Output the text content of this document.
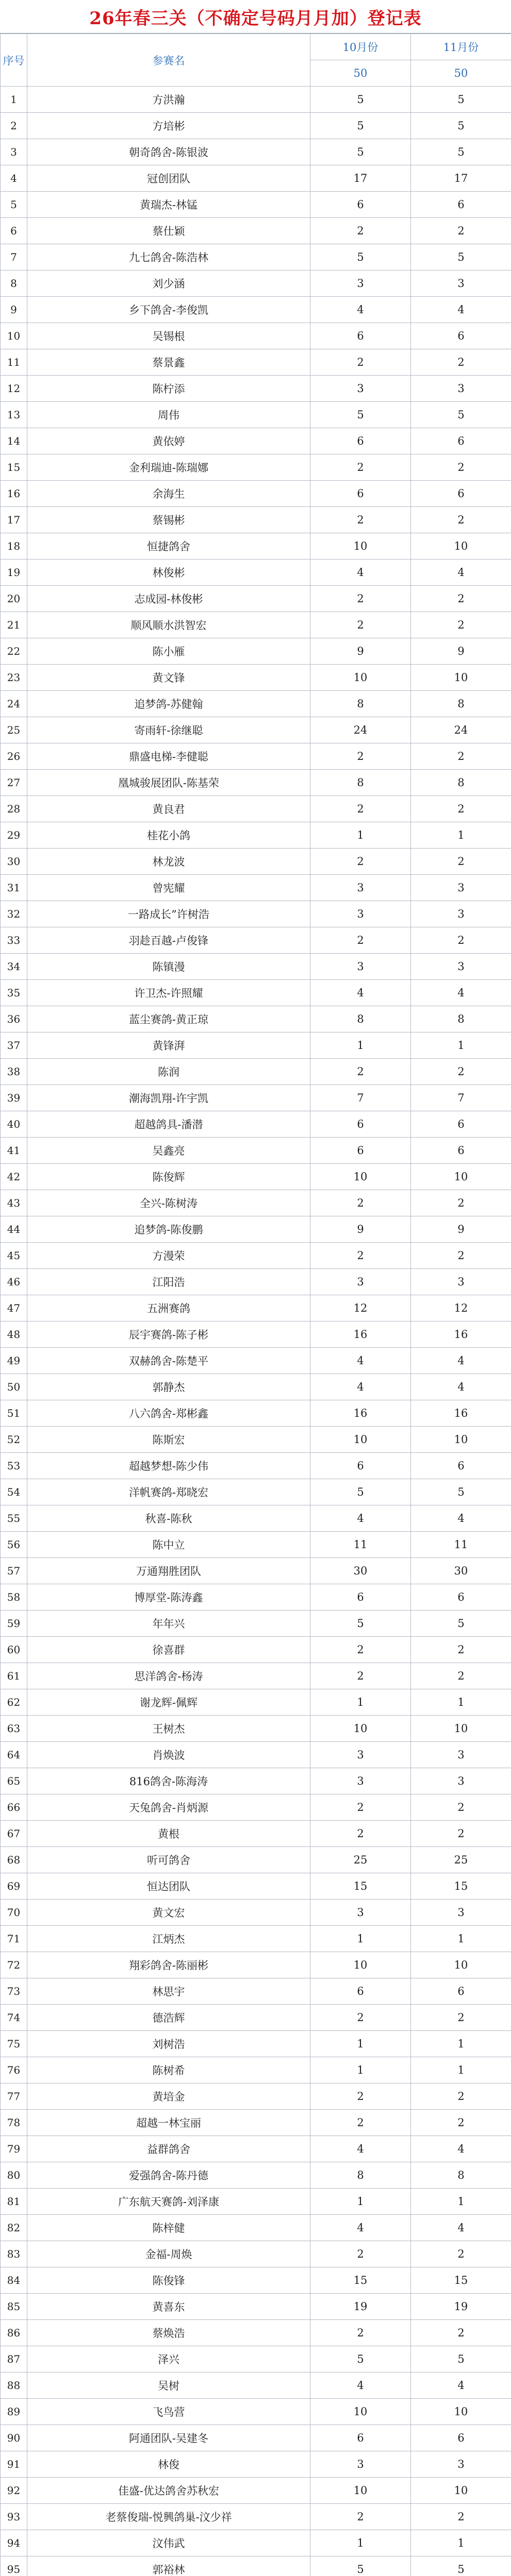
26年春三关（不确定号码月月加）登记表
序号	参赛名	10月份	11月份
		50	50
1	方洪瀚	5	5
2	方培彬	5	5
3	朝奇鸽舍-陈银波	5	5
4	冠创团队	17	17
5	黄瑞杰-林锰	6	6
6	蔡仕颖	2	2
7	九七鸽舍-陈浩林	5	5
8	刘少涵	3	3
9	乡下鸽舍-李俊凯	4	4
10	吴锡根	6	6
11	蔡景鑫	2	2
12	陈柠添	3	3
13	周伟	5	5
14	黄依婷	6	6
15	金利瑞迪-陈瑞娜	2	2
16	余海生	6	6
17	蔡锡彬	2	2
18	恒捷鸽舍	10	10
19	林俊彬	4	4
20	志成园-林俊彬	2	2
21	顺风顺水洪智宏	2	2
22	陈小雁	9	9
23	黄文锋	10	10
24	追梦鸽-苏健翰	8	8
25	寄雨轩-徐继聪	24	24
26	鼎盛电梯-李健聪	2	2
27	凰城骏展团队-陈基荣	8	8
28	黄良君	2	2
29	桂花小鸽	1	1
30	林龙波	2	2
31	曾宪耀	3	3
32	一路成长”许树浩	3	3
33	羽趁百越-卢俊锋	2	2
34	陈镇漫	3	3
35	许卫杰-许照耀	4	4
36	蓝尘赛鸽-黄正琼	8	8
37	黄锋湃	1	1
38	陈润	2	2
39	潮海凯翔-许宇凯	7	7
40	超越鸽具-潘潜	6	6
41	吴鑫亮	6	6
42	陈俊辉	10	10
43	全兴-陈树涛	2	2
44	追梦鸽-陈俊鹏	9	9
45	方漫荣	2	2
46	江阳浩	3	3
47	五洲赛鸽	12	12
48	辰宇赛鸽-陈子彬	16	16
49	双赫鸽舍-陈楚平	4	4
50	郭静杰	4	4
51	八六鸽舍-郑彬鑫	16	16
52	陈斯宏	10	10
53	超越梦想-陈少伟	6	6
54	洋帆赛鸽-郑晓宏	5	5
55	秋喜-陈秋	4	4
56	陈中立	11	11
57	万通翔胜团队	30	30
58	博厚堂-陈涛鑫	6	6
59	年年兴	5	5
60	徐喜群	2	2
61	思洋鸽舍-杨涛	2	2
62	谢龙辉-佩辉	1	1
63	王树杰	10	10
64	肖焕波	3	3
65	816鸽舍-陈海涛	3	3
66	天兔鸽舍-肖炳源	2	2
67	黄根	2	2
68	听可鸽舍	25	25
69	恒达团队	15	15
70	黄文宏	3	3
71	江炳杰	1	1
72	翔彩鸽舍-陈丽彬	10	10
73	林思宇	6	6
74	德浩辉	2	2
75	刘树浩	1	1
76	陈树希	1	1
77	黄培金	2	2
78	超越一林宝丽	2	2
79	益群鸽舍	4	4
80	爱强鸽舍-陈丹德	8	8
81	广东航天赛鸽-刘泽康	1	1
82	陈梓健	4	4
83	金福-周焕	2	2
84	陈俊锋	15	15
85	黄喜东	19	19
86	蔡焕浩	2	2
87	泽兴	5	5
88	吴树	4	4
89	飞鸟营	10	10
90	阿通团队-吴建冬	6	6
91	林俊	3	3
92	佳盛-优达鸽舍苏秋宏	10	10
93	老蔡俊瑞-悦興鸽巢-汶少祥	2	2
94	汶伟武	1	1
95	郭裕林	5	5
